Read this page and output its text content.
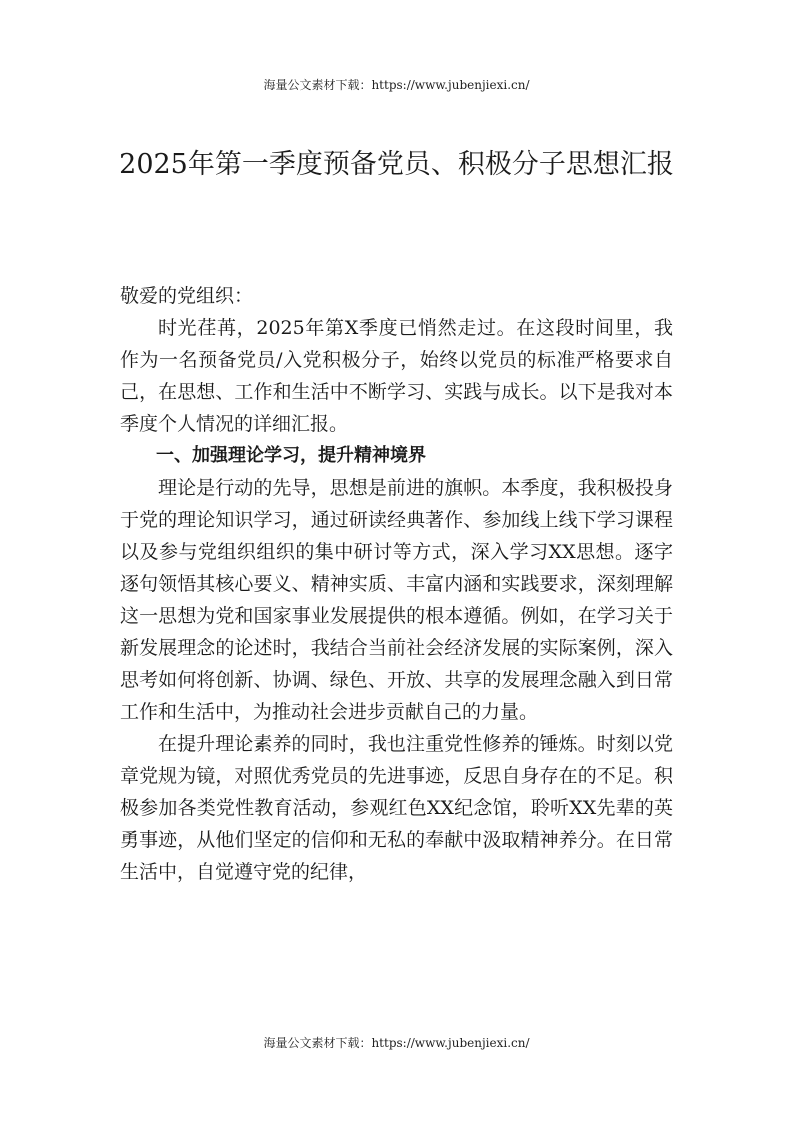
海量公文素材下载：https://www.jubenjiexi.cn/
2025年第一季度预备党员、积极分子思想汇报

敬爱的党组织：

时光荏苒，2025年第X季度已悄然走过。在这段时间里，我作为一名预备党员/入党积极分子，始终以党员的标准严格要求自己，在思想、工作和生活中不断学习、实践与成长。以下是我对本季度个人情况的详细汇报。

一、加强理论学习，提升精神境界

理论是行动的先导，思想是前进的旗帜。本季度，我积极投身于党的理论知识学习，通过研读经典著作、参加线上线下学习课程以及参与党组织组织的集中研讨等方式，深入学习XX思想。逐字逐句领悟其核心要义、精神实质、丰富内涵和实践要求，深刻理解这一思想为党和国家事业发展提供的根本遵循。例如，在学习关于新发展理念的论述时，我结合当前社会经济发展的实际案例，深入思考如何将创新、协调、绿色、开放、共享的发展理念融入到日常工作和生活中，为推动社会进步贡献自己的力量。

在提升理论素养的同时，我也注重党性修养的锤炼。时刻以党章党规为镜，对照优秀党员的先进事迹，反思自身存在的不足。积极参加各类党性教育活动，参观红色XX纪念馆，聆听XX先辈的英勇事迹，从他们坚定的信仰和无私的奉献中汲取精神养分。在日常生活中，自觉遵守党的纪律，

海量公文素材下载：https://www.jubenjiexi.cn/
